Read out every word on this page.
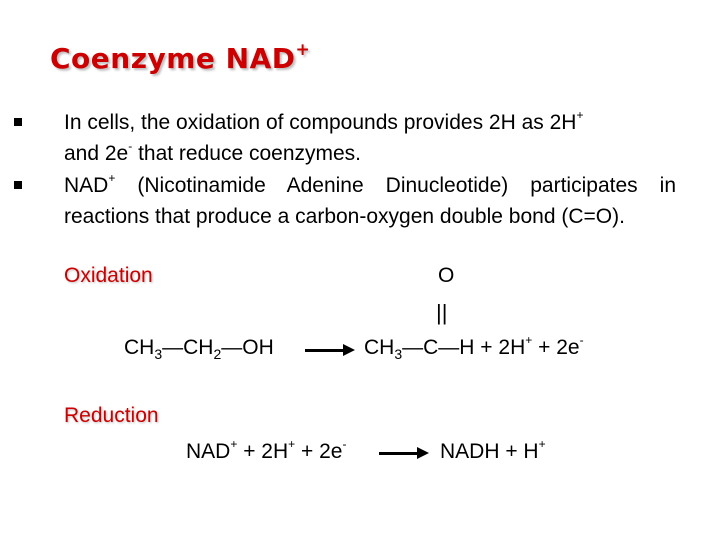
Coenzyme NAD+
In cells, the oxidation of compounds provides 2H as 2H+
and 2e- that reduce coenzymes.
NAD+ (Nicotinamide Adenine Dinucleotide) participates in reactions that produce a carbon-oxygen double bond (C=O).
Oxidation	O
||
$CH_3—CH_2—OH$	$CH_3—C—H + 2H^+ + 2e^-$
Reduction
NAD+ + 2H+ + 2e-	NADH + H+
